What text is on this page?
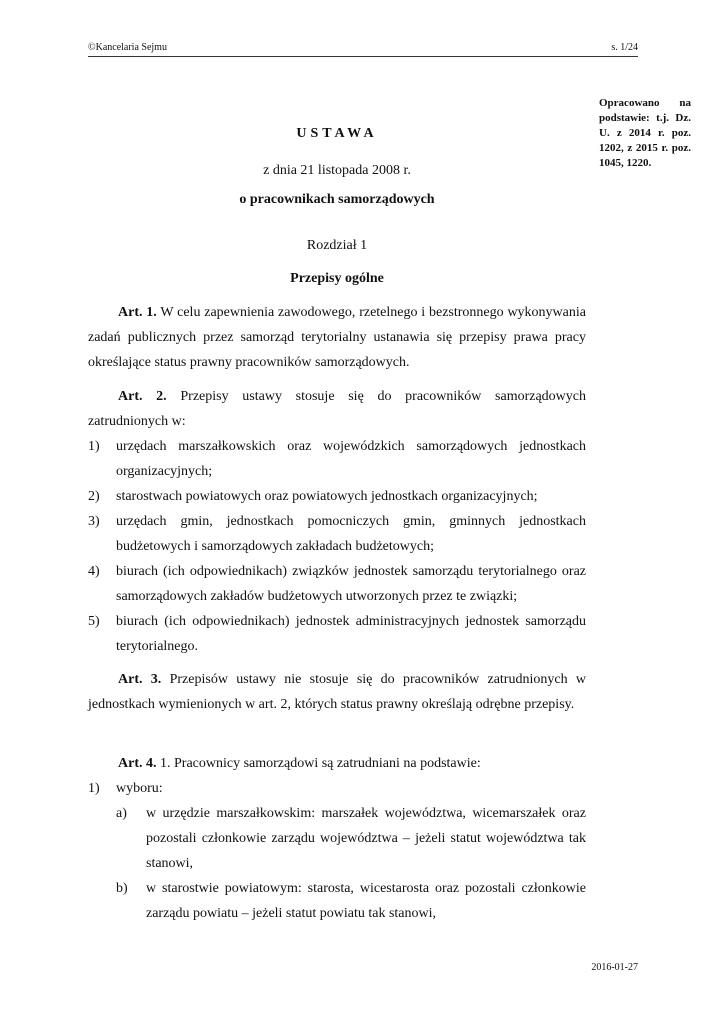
©Kancelaria Sejmu	s. 1/24
Opracowano na podstawie: t.j. Dz. U. z 2014 r. poz. 1202, z 2015 r. poz. 1045, 1220.
USTAWA
z dnia 21 listopada 2008 r.
o pracownikach samorządowych
Rozdział 1
Przepisy ogólne
Art. 1. W celu zapewnienia zawodowego, rzetelnego i bezstronnego wykonywania zadań publicznych przez samorząd terytorialny ustanawia się przepisy prawa pracy określające status prawny pracowników samorządowych.
Art. 2. Przepisy ustawy stosuje się do pracowników samorządowych zatrudnionych w:
1) urzędach marszałkowskich oraz wojewódzkich samorządowych jednostkach organizacyjnych;
2) starostwach powiatowych oraz powiatowych jednostkach organizacyjnych;
3) urzędach gmin, jednostkach pomocniczych gmin, gminnych jednostkach budżetowych i samorządowych zakładach budżetowych;
4) biurach (ich odpowiednikach) związków jednostek samorządu terytorialnego oraz samorządowych zakładów budżetowych utworzonych przez te związki;
5) biurach (ich odpowiednikach) jednostek administracyjnych jednostek samorządu terytorialnego.
Art. 3. Przepisów ustawy nie stosuje się do pracowników zatrudnionych w jednostkach wymienionych w art. 2, których status prawny określają odrębne przepisy.
Art. 4. 1. Pracownicy samorządowi są zatrudniani na podstawie:
1) wyboru:
a) w urzędzie marszałkowskim: marszałek województwa, wicemarszałek oraz pozostali członkowie zarządu województwa – jeżeli statut województwa tak stanowi,
b) w starostwie powiatowym: starosta, wicestarosta oraz pozostali członkowie zarządu powiatu – jeżeli statut powiatu tak stanowi,
2016-01-27
